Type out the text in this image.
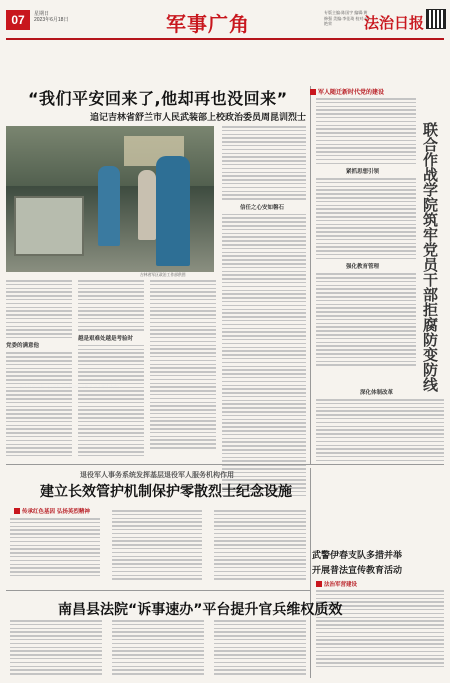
07	星期日
2023年6月18日	军事广角	专版主编:陈国宇 编辑:黄修强 美编:李佳琦 校对:高艳荣	法治日报
“我们平安回来了,他却再也没回来”
追记吉林省舒兰市人民武装部上校政治委员周昆训烈士
吉林省军区政治工作部供图
党委的满意他
越是艰难处越是考验时
信任之心安如磐石
军人随迁新时代党的建设
联合作战学院筑牢党员干部拒腐防变防线
紧抓思想引领
强化教育管理
深化体制改革
退役军人事务系统发挥基层退役军人服务机构作用
建立长效管护机制保护零散烈士纪念设施
传承红色基因 弘扬英烈精神
武警伊春支队多措并举
开展普法宣传教育活动
法治军营建设
南昌县法院“诉事速办”平台提升官兵维权质效
